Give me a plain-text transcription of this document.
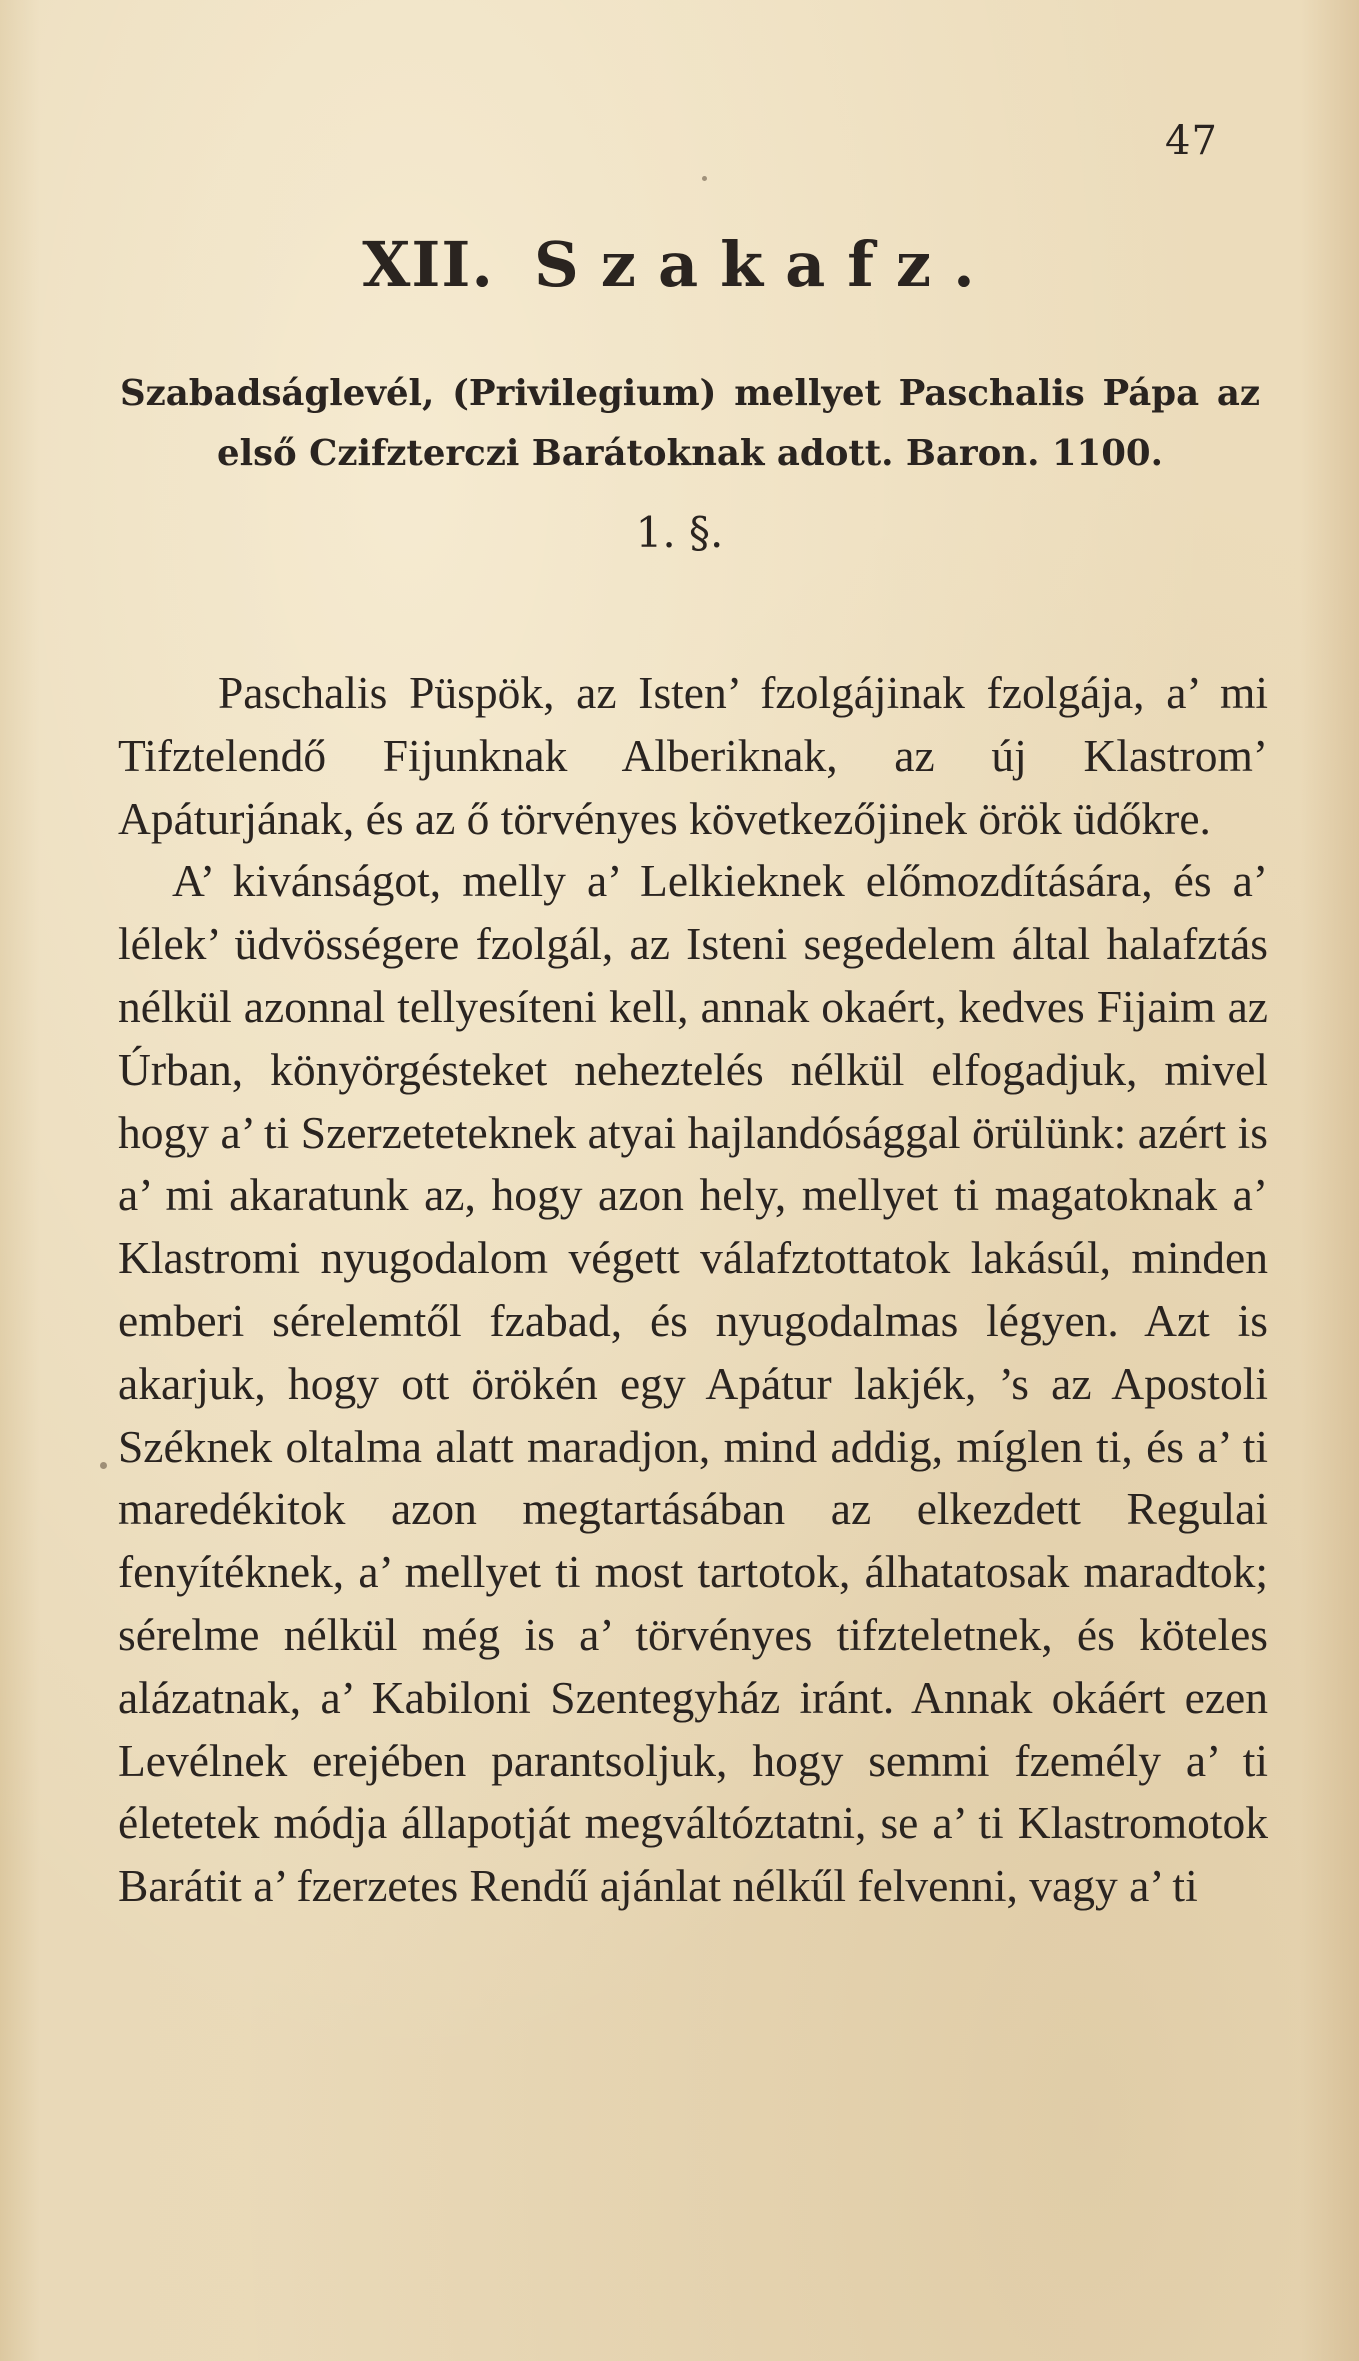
47
XII. Szakafz.
Szabadságlevél, (Privilegium) mellyet Paschalis Pápa az első Czifzterczi Barátoknak adott. Baron. 1100.
1. §.

Paschalis Püspök, az Isten’ fzolgájinak fzolgája, a’ mi Tifztelendő Fijunknak Alberiknak, az új Klastrom’ Apáturjának, és az ő törvényes következőjinek örök üdőkre.

A’ kivánságot, melly a’ Lelkieknek előmozdítására, és a’ lélek’ üdvösségere fzolgál, az Isteni segedelem által halafztás nélkül azonnal tellyesíteni kell, annak okaért, kedves Fijaim az Úrban, könyörgésteket neheztelés nélkül elfogadjuk, mivel hogy a’ ti Szerzeteteknek atyai hajlandósággal örülünk: azért is a’ mi akaratunk az, hogy azon hely, mellyet ti magatoknak a’ Klastromi nyugodalom végett válafztottatok lakásúl, minden emberi sérelemtől fzabad, és nyugodalmas légyen. Azt is akarjuk, hogy ott örökén egy Apátur lakjék, ’s az Apostoli Széknek oltalma alatt maradjon, mind addig, míglen ti, és a’ ti maredékitok azon megtartásában az elkezdett Regulai fenyítéknek, a’ mellyet ti most tartotok, álhatatosak maradtok; sérelme nélkül még is a’ törvényes tifzteletnek, és köteles alázatnak, a’ Kabiloni Szentegyház iránt. Annak okáért ezen Levélnek erejében parantsoljuk, hogy semmi fzemély a’ ti életetek módja állapotját megváltóztatni, se a’ ti Klastromotok Barátit a’ fzerzetes Rendű ajánlat nélkűl felvenni, vagy a’ ti
